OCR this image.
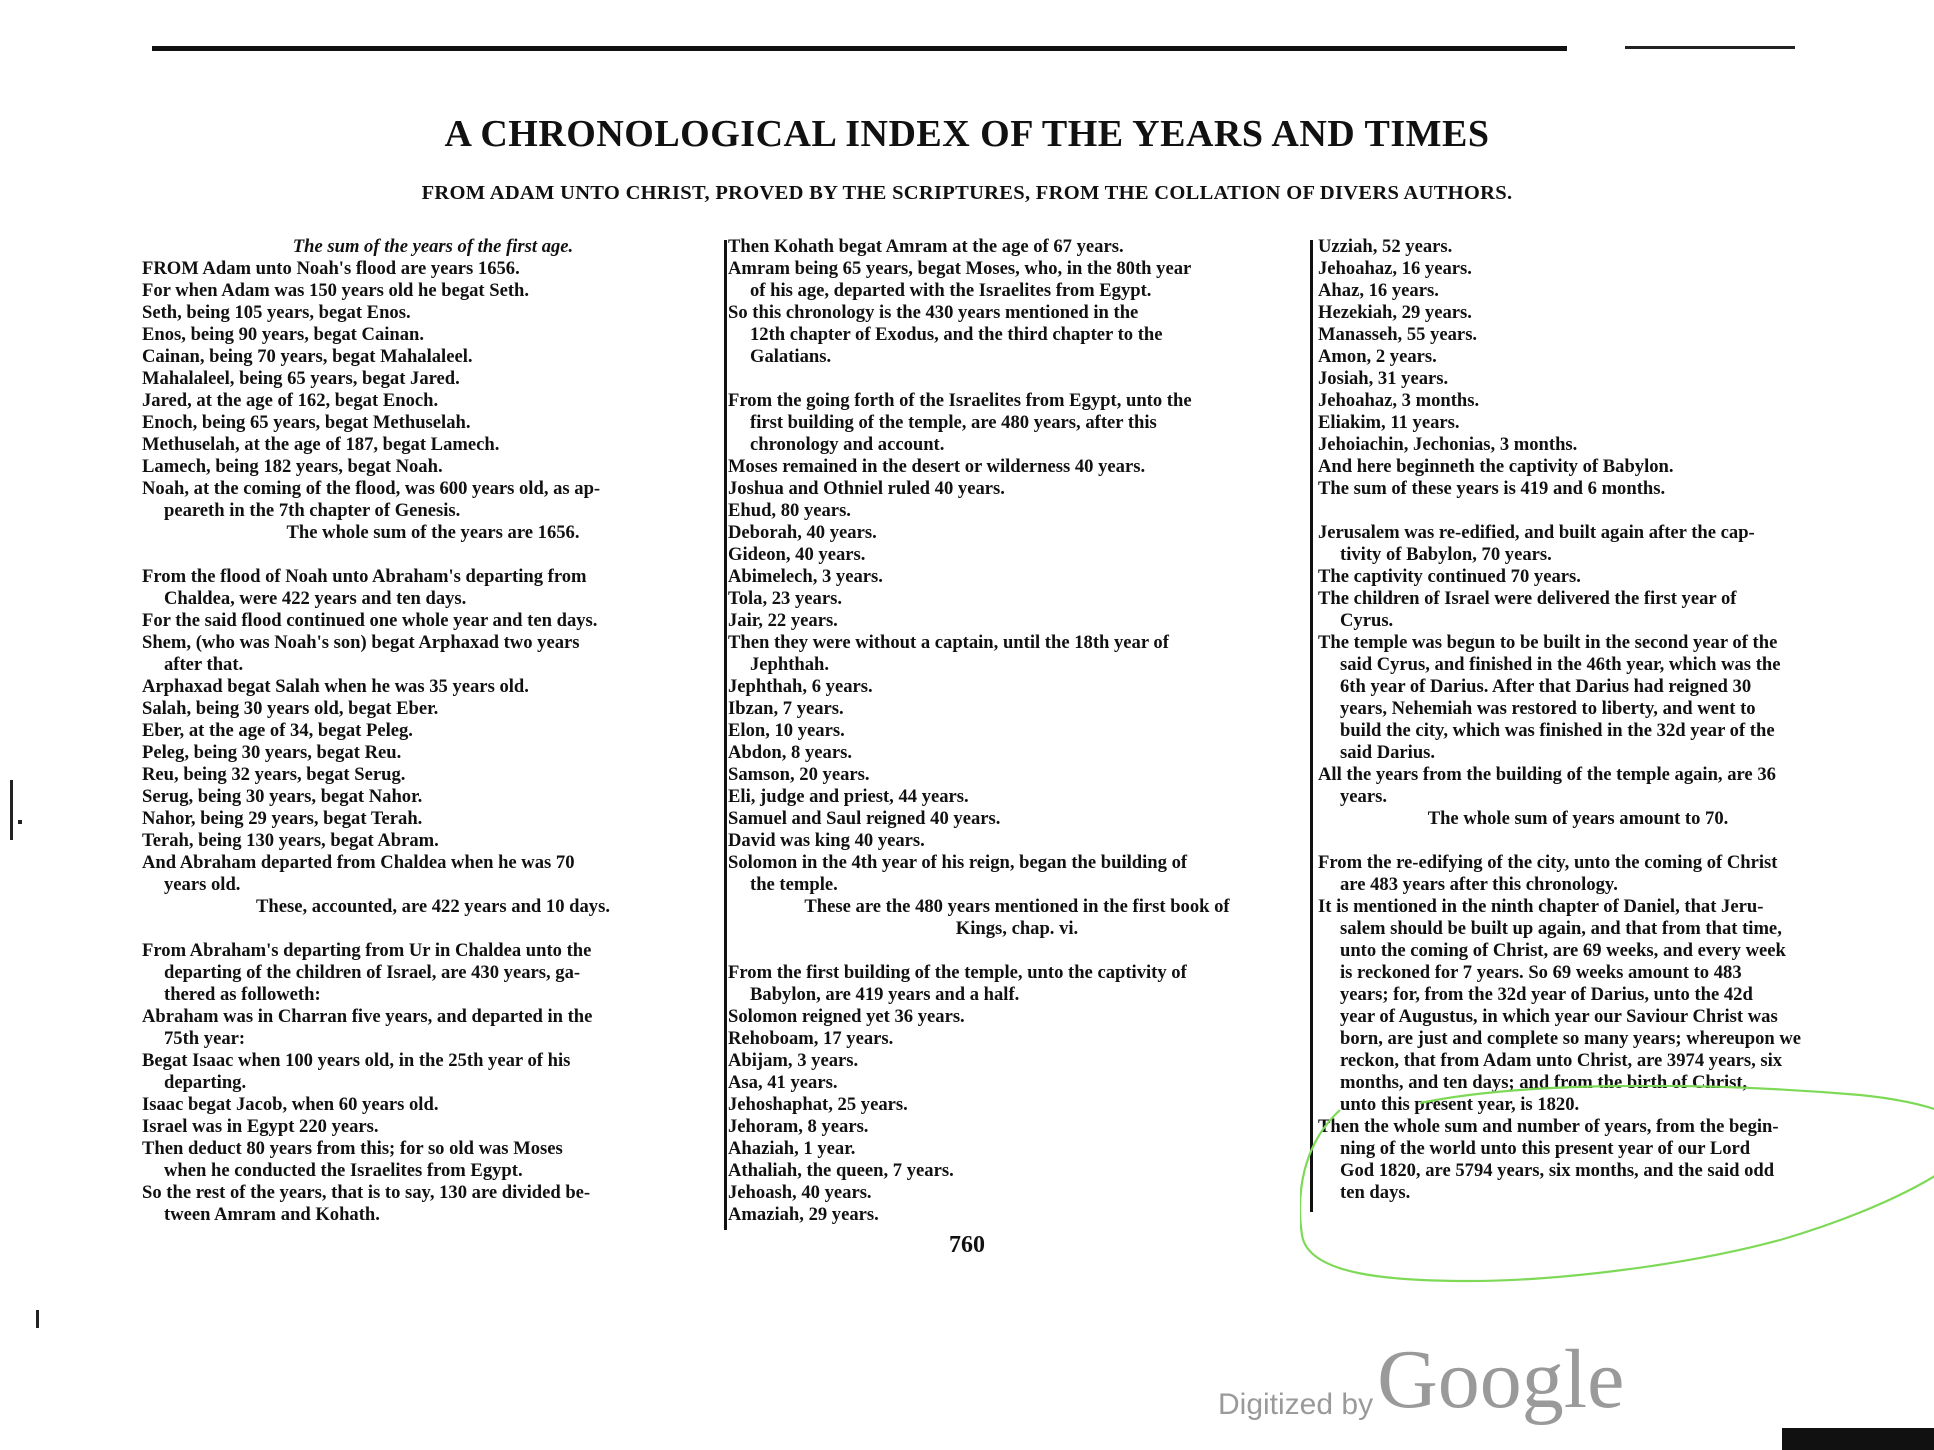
A CHRONOLOGICAL INDEX OF THE YEARS AND TIMES
FROM ADAM UNTO CHRIST, PROVED BY THE SCRIPTURES, FROM THE COLLATION OF DIVERS AUTHORS.
The sum of the years of the first age.
FROM Adam unto Noah's flood are years 1656.
For when Adam was 150 years old he begat Seth.
Seth, being 105 years, begat Enos.
Enos, being 90 years, begat Cainan.
Cainan, being 70 years, begat Mahalaleel.
Mahalaleel, being 65 years, begat Jared.
Jared, at the age of 162, begat Enoch.
Enoch, being 65 years, begat Methuselah.
Methuselah, at the age of 187, begat Lamech.
Lamech, being 182 years, begat Noah.
Noah, at the coming of the flood, was 600 years old, as ap-
peareth in the 7th chapter of Genesis.
The whole sum of the years are 1656.
From the flood of Noah unto Abraham's departing from
Chaldea, were 422 years and ten days.
For the said flood continued one whole year and ten days.
Shem, (who was Noah's son) begat Arphaxad two years
after that.
Arphaxad begat Salah when he was 35 years old.
Salah, being 30 years old, begat Eber.
Eber, at the age of 34, begat Peleg.
Peleg, being 30 years, begat Reu.
Reu, being 32 years, begat Serug.
Serug, being 30 years, begat Nahor.
Nahor, being 29 years, begat Terah.
Terah, being 130 years, begat Abram.
And Abraham departed from Chaldea when he was 70
years old.
These, accounted, are 422 years and 10 days.
From Abraham's departing from Ur in Chaldea unto the
departing of the children of Israel, are 430 years, ga-
thered as followeth:
Abraham was in Charran five years, and departed in the
75th year:
Begat Isaac when 100 years old, in the 25th year of his
departing.
Isaac begat Jacob, when 60 years old.
Israel was in Egypt 220 years.
Then deduct 80 years from this; for so old was Moses
when he conducted the Israelites from Egypt.
So the rest of the years, that is to say, 130 are divided be-
tween Amram and Kohath.
Then Kohath begat Amram at the age of 67 years.
Amram being 65 years, begat Moses, who, in the 80th year
of his age, departed with the Israelites from Egypt.
So this chronology is the 430 years mentioned in the
12th chapter of Exodus, and the third chapter to the
Galatians.
From the going forth of the Israelites from Egypt, unto the
first building of the temple, are 480 years, after this
chronology and account.
Moses remained in the desert or wilderness 40 years.
Joshua and Othniel ruled 40 years.
Ehud, 80 years.
Deborah, 40 years.
Gideon, 40 years.
Abimelech, 3 years.
Tola, 23 years.
Jair, 22 years.
Then they were without a captain, until the 18th year of
Jephthah.
Jephthah, 6 years.
Ibzan, 7 years.
Elon, 10 years.
Abdon, 8 years.
Samson, 20 years.
Eli, judge and priest, 44 years.
Samuel and Saul reigned 40 years.
David was king 40 years.
Solomon in the 4th year of his reign, began the building of
the temple.
These are the 480 years mentioned in the first book of
Kings, chap. vi.
From the first building of the temple, unto the captivity of
Babylon, are 419 years and a half.
Solomon reigned yet 36 years.
Rehoboam, 17 years.
Abijam, 3 years.
Asa, 41 years.
Jehoshaphat, 25 years.
Jehoram, 8 years.
Ahaziah, 1 year.
Athaliah, the queen, 7 years.
Jehoash, 40 years.
Amaziah, 29 years.
Uzziah, 52 years.
Jehoahaz, 16 years.
Ahaz, 16 years.
Hezekiah, 29 years.
Manasseh, 55 years.
Amon, 2 years.
Josiah, 31 years.
Jehoahaz, 3 months.
Eliakim, 11 years.
Jehoiachin, Jechonias, 3 months.
And here beginneth the captivity of Babylon.
The sum of these years is 419 and 6 months.
Jerusalem was re-edified, and built again after the cap-
tivity of Babylon, 70 years.
The captivity continued 70 years.
The children of Israel were delivered the first year of
Cyrus.
The temple was begun to be built in the second year of the
said Cyrus, and finished in the 46th year, which was the
6th year of Darius. After that Darius had reigned 30
years, Nehemiah was restored to liberty, and went to
build the city, which was finished in the 32d year of the
said Darius.
All the years from the building of the temple again, are 36
years.
The whole sum of years amount to 70.
From the re-edifying of the city, unto the coming of Christ
are 483 years after this chronology.
It is mentioned in the ninth chapter of Daniel, that Jeru-
salem should be built up again, and that from that time,
unto the coming of Christ, are 69 weeks, and every week
is reckoned for 7 years. So 69 weeks amount to 483
years; for, from the 32d year of Darius, unto the 42d
year of Augustus, in which year our Saviour Christ was
born, are just and complete so many years; whereupon we
reckon, that from Adam unto Christ, are 3974 years, six
months, and ten days; and from the birth of Christ,
unto this present year, is 1820.
Then the whole sum and number of years, from the begin-
ning of the world unto this present year of our Lord
God 1820, are 5794 years, six months, and the said odd
ten days.
760
Digitized by Google
